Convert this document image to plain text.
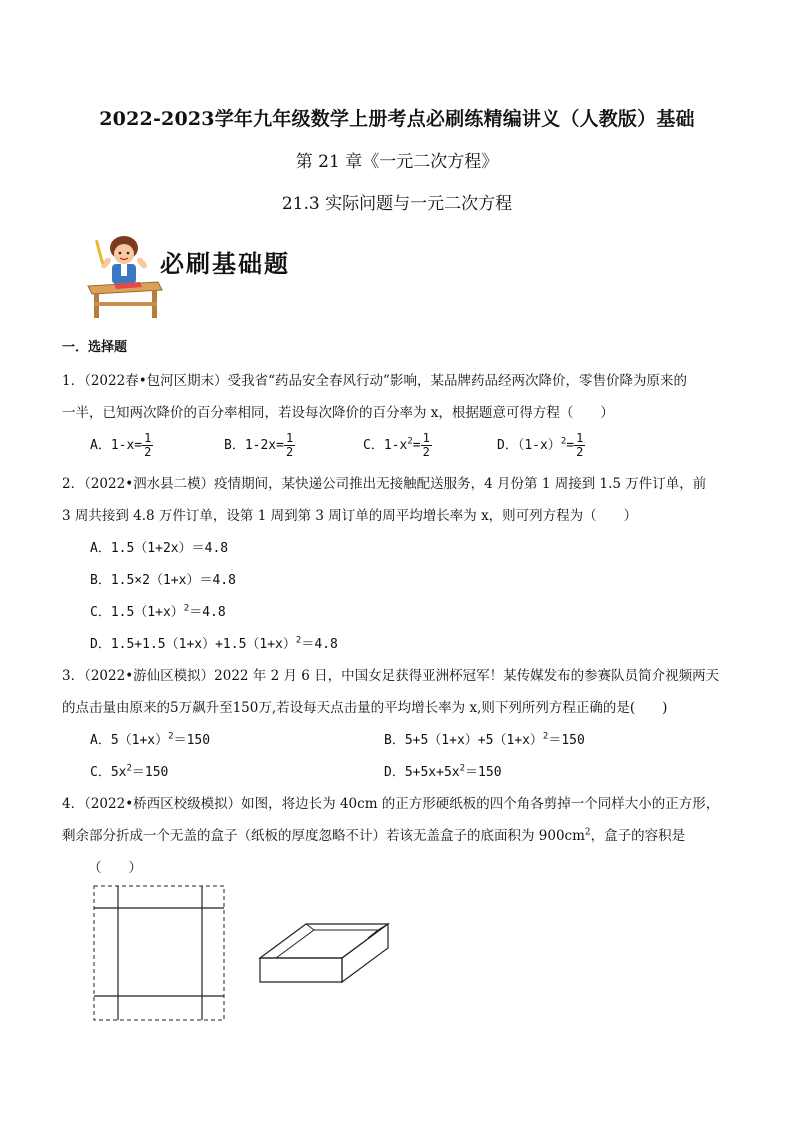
2022-2023学年九年级数学上册考点必刷练精编讲义（人教版）基础
第 21 章《一元二次方程》
21.3 实际问题与一元二次方程
必刷基础题
一．选择题
1．（2022春•包河区期末）受我省“药品安全春风行动”影响，某品牌药品经两次降价，零售价降为原来的
一半，已知两次降价的百分率相同，若设每次降价的百分率为 x，根据题意可得方程（　　）
A．$1-x= \frac{1}{2}$	B．$1-2x= \frac{1}{2}$	C．$1-x^2= \frac{1}{2}$	D．$(1-x)^2= \frac{1}{2}$
2．（2022•泗水县二模）疫情期间，某快递公司推出无接触配送服务，4 月份第 1 周接到 1.5 万件订单，前
3 周共接到 4.8 万件订单，设第 1 周到第 3 周订单的周平均增长率为 x，则可列方程为（　　）
A．1.5（1+2x）＝4.8
B．1.5×2（1+x）＝4.8
C．$1.5(1+x)^2=4.8$
D．$1.5+1.5(1+x)+1.5(1+x)^2=4.8$
3．（2022•游仙区模拟）2022 年 2 月 6 日，中国女足获得亚洲杯冠军！某传媒发布的参赛队员简介视频两天
的点击量由原来的5万飙升至150万,若设每天点击量的平均增长率为 x,则下列所列方程正确的是(　　)
A．$5(1+x)^2=150$	B．$5+5(1+x)+5(1+x)^2=150$
C．$5x^2=150$	D．$5+5x+5x^2=150$
4．（2022•桥西区校级模拟）如图，将边长为 40cm 的正方形硬纸板的四个角各剪掉一个同样大小的正方形，
剩余部分折成一个无盖的盒子（纸板的厚度忽略不计）若该无盖盒子的底面积为 $900cm^2$，盒子的容积是
（　　）
